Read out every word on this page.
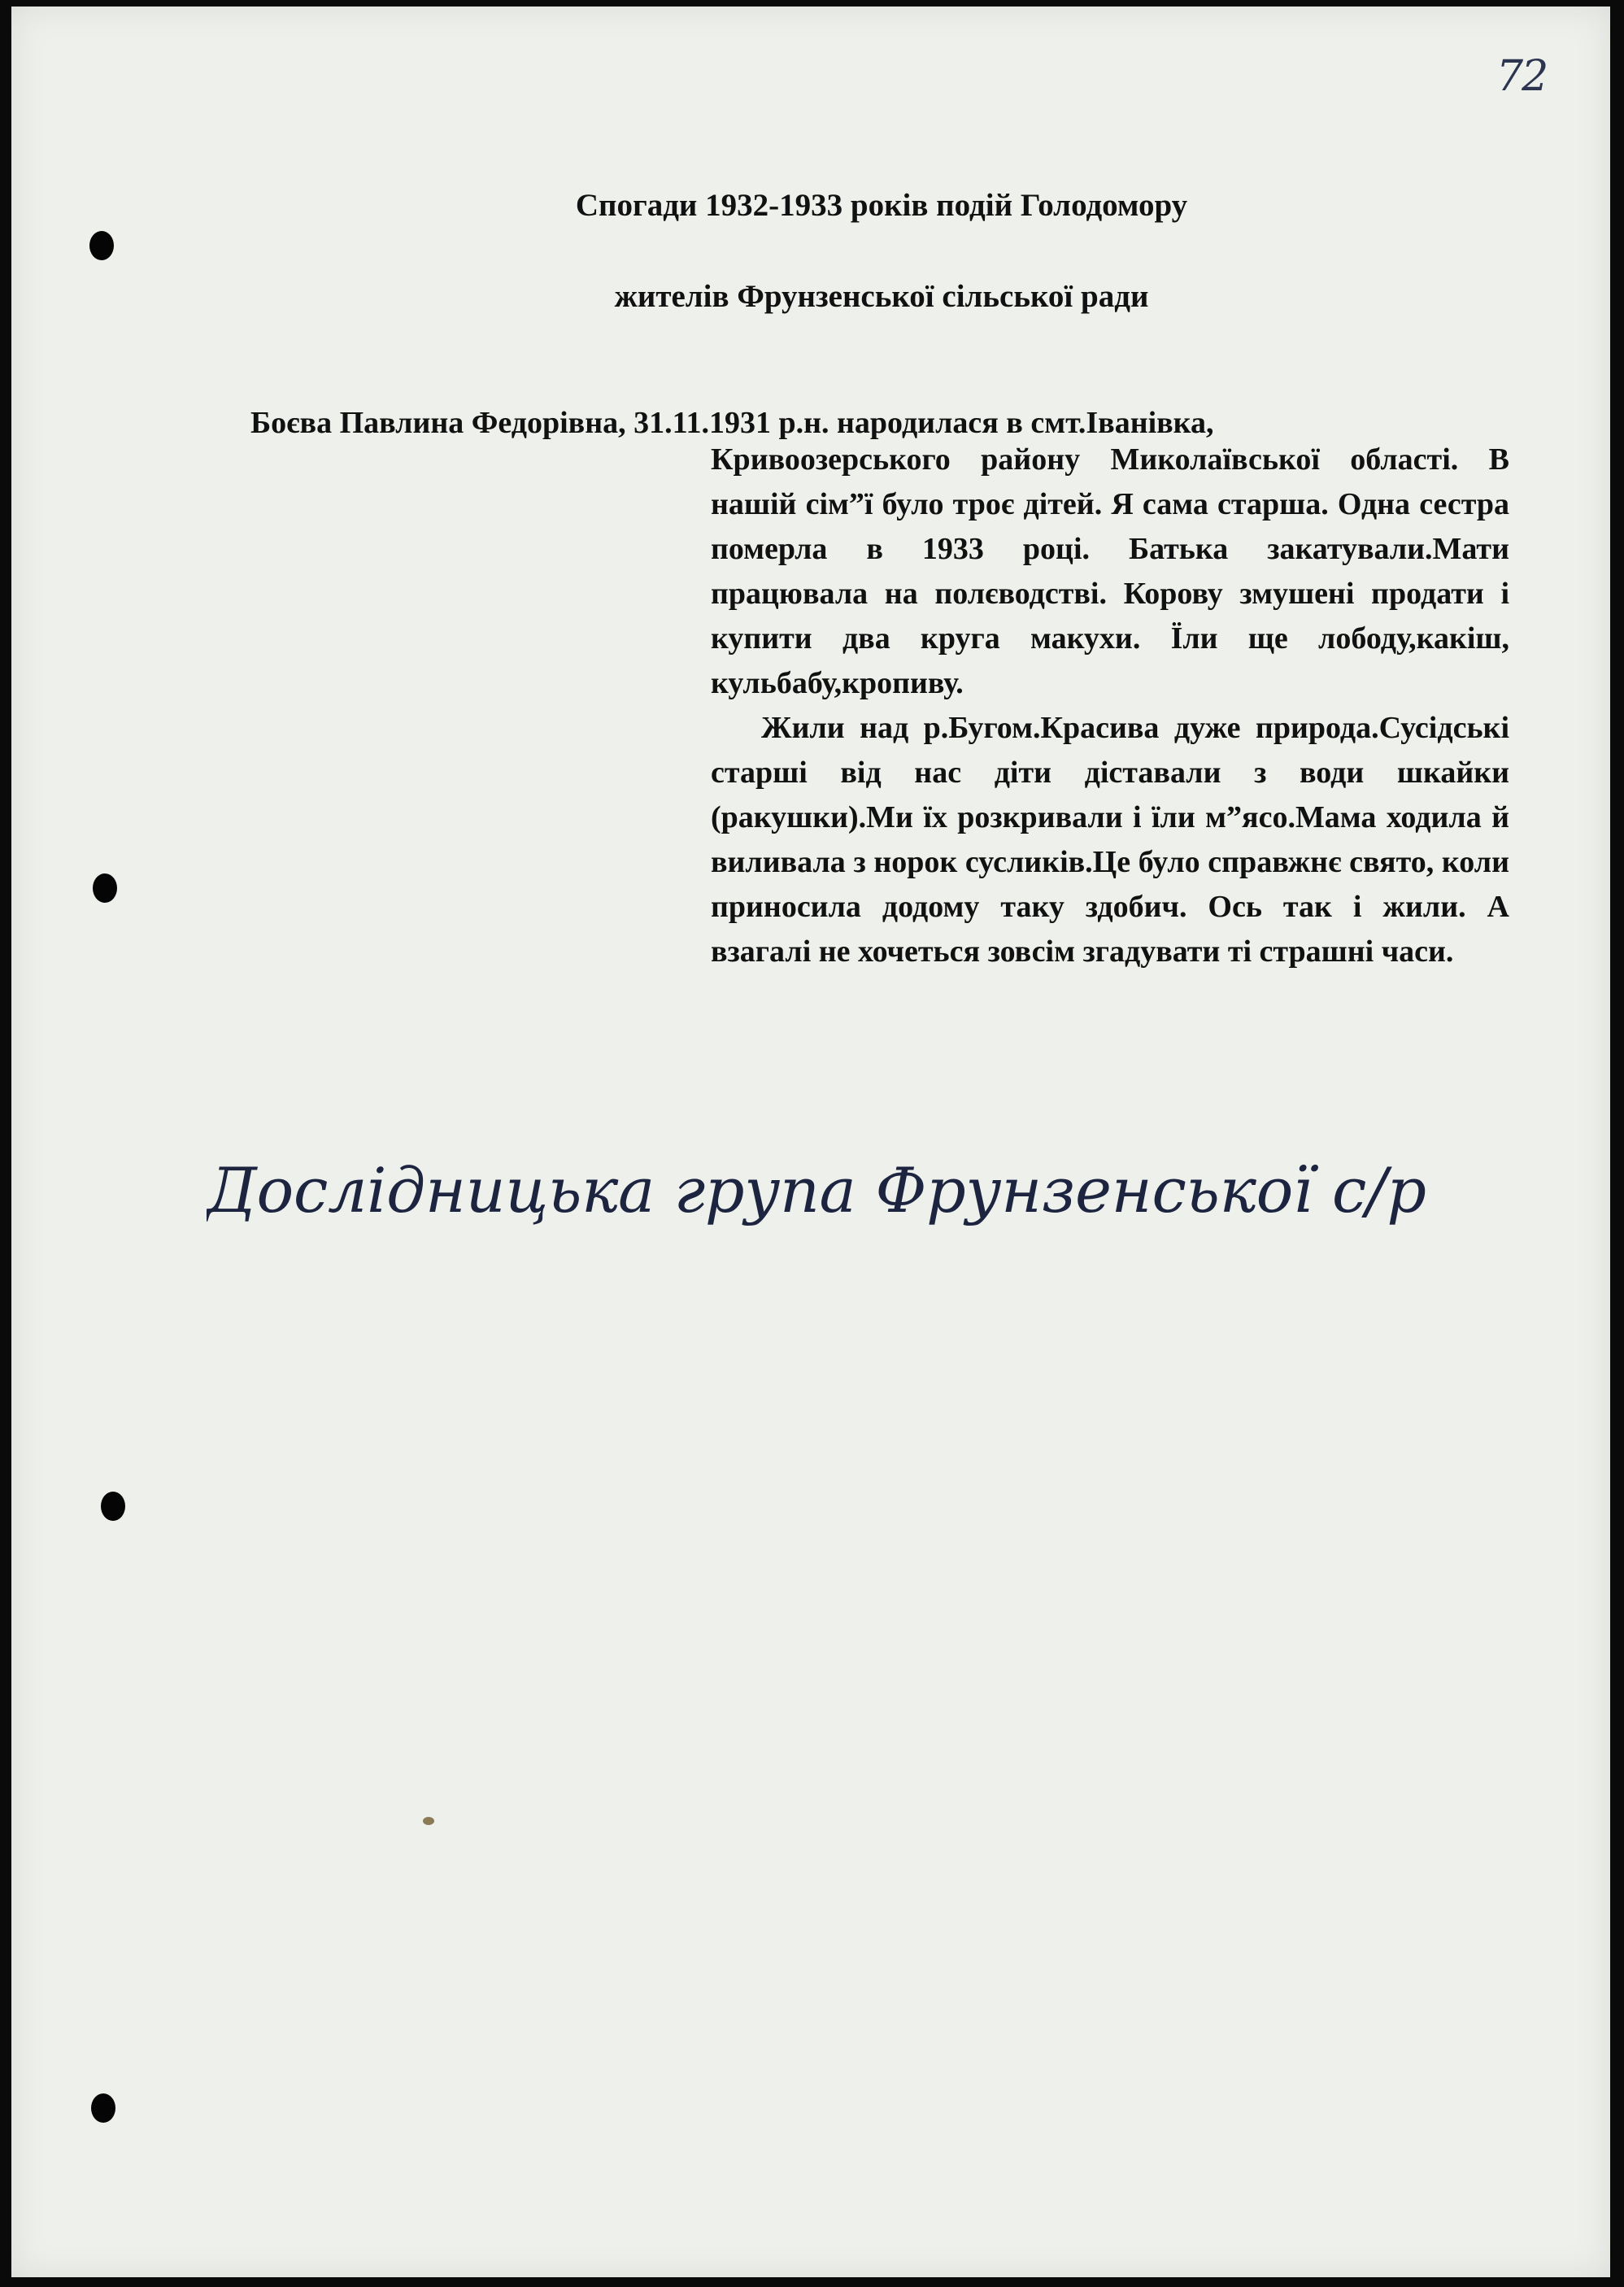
72
Спогади 1932-1933 років подій Голодомору
жителів Фрунзенської сільської ради
Боєва Павлина Федорівна, 31.11.1931 р.н. народилася в смт.Іванівка,

Кривоозерського району Миколаївської області. В нашій сім”ї було троє дітей. Я сама старша. Одна сестра померла в 1933 році. Батька закатували.Мати працювала на полєводстві. Корову змушені продати і купити два круга макухи. Їли ще лободу,какіш, кульбабу,кропиву.

Жили над р.Бугом.Красива дуже природа.Сусідські старші від нас діти діставали з води шкайки (ракушки).Ми їх розкривали і їли м”ясо.Мама ходила й виливала з норок сусликів.Це було справжнє свято, коли приносила додому таку здобич. Ось так і жили. А взагалі не хочеться зовсім згадувати ті страшні часи.

Дослідницька група Фрунзенської с/р
